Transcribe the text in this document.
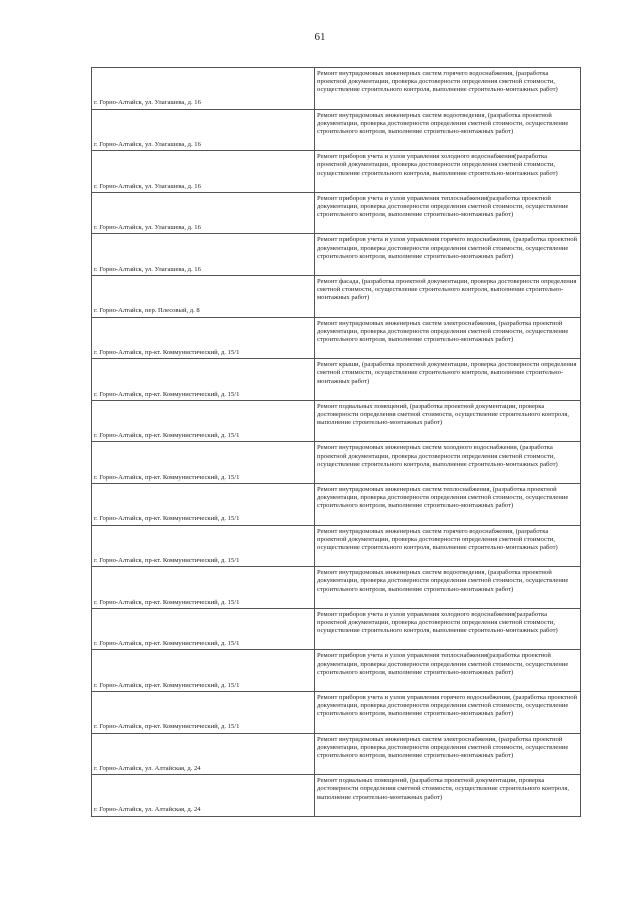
61
г. Горно-Алтайск, ул. Улагашева, д. 16	Ремонт внутридомовых инженерных систем горячего водоснабжения, (разработка проектной документации, проверка достоверности определения сметной стоимости, осуществление строительного контроля, выполнение строительно-монтажных работ)
г. Горно-Алтайск, ул. Улагашева, д. 16	Ремонт внутридомовых инженерных систем водоотведения, (разработка проектной документации, проверка достоверности определения сметной стоимости, осуществление строительного контроля, выполнение строительно-монтажных работ)
г. Горно-Алтайск, ул. Улагашева, д. 16	Ремонт приборов учета и узлов управления холодного водоснабжения(разработка проектной документации, проверка достоверности определения сметной стоимости, осуществление строительного контроля, выполнение строительно-монтажных работ)
г. Горно-Алтайск, ул. Улагашева, д. 16	Ремонт приборов учета и узлов управления теплоснабжения(разработка проектной документации, проверка достоверности определения сметной стоимости, осуществление строительного контроля, выполнение строительно-монтажных работ)
г. Горно-Алтайск, ул. Улагашева, д. 16	Ремонт приборов учета и узлов управления горячего водоснабжения, (разработка проектной документации, проверка достоверности определения сметной стоимости, осуществление строительного контроля, выполнение строительно-монтажных работ)
г. Горно-Алтайск, пер. Плесовый, д. 8	Ремонт фасада, (разработка проектной документации, проверка достоверности определения сметной стоимости, осуществление строительного контроля, выполнение строительно-монтажных работ)
г. Горно-Алтайск, пр-кт. Коммунистический, д. 15/1	Ремонт внутридомовых инженерных систем электроснабжения, (разработка проектной документации, проверка достоверности определения сметной стоимости, осуществление строительного контроля, выполнение строительно-монтажных работ)
г. Горно-Алтайск, пр-кт. Коммунистический, д. 15/1	Ремонт крыши, (разработка проектной документации, проверка достоверности определения сметной стоимости, осуществление строительного контроля, выполнение строительно-монтажных работ)
г. Горно-Алтайск, пр-кт. Коммунистический, д. 15/1	Ремонт подвальных помещений, (разработка проектной документации, проверка достоверности определения сметной стоимости, осуществление строительного контроля, выполнение строительно-монтажных работ)
г. Горно-Алтайск, пр-кт. Коммунистический, д. 15/1	Ремонт внутридомовых инженерных систем холодного водоснабжения, (разработка проектной документации, проверка достоверности определения сметной стоимости, осуществление строительного контроля, выполнение строительно-монтажных работ)
г. Горно-Алтайск, пр-кт. Коммунистический, д. 15/1	Ремонт внутридомовых инженерных систем теплоснабжения, (разработка проектной документации, проверка достоверности определения сметной стоимости, осуществление строительного контроля, выполнение строительно-монтажных работ)
г. Горно-Алтайск, пр-кт. Коммунистический, д. 15/1	Ремонт внутридомовых инженерных систем горячего водоснабжения, (разработка проектной документации, проверка достоверности определения сметной стоимости, осуществление строительного контроля, выполнение строительно-монтажных работ)
г. Горно-Алтайск, пр-кт. Коммунистический, д. 15/1	Ремонт внутридомовых инженерных систем водоотведения, (разработка проектной документации, проверка достоверности определения сметной стоимости, осуществление строительного контроля, выполнение строительно-монтажных работ)
г. Горно-Алтайск, пр-кт. Коммунистический, д. 15/1	Ремонт приборов учета и узлов управления холодного водоснабжения(разработка проектной документации, проверка достоверности определения сметной стоимости, осуществление строительного контроля, выполнение строительно-монтажных работ)
г. Горно-Алтайск, пр-кт. Коммунистический, д. 15/1	Ремонт приборов учета и узлов управления теплоснабжения(разработка проектной документации, проверка достоверности определения сметной стоимости, осуществление строительного контроля, выполнение строительно-монтажных работ)
г. Горно-Алтайск, пр-кт. Коммунистический, д. 15/1	Ремонт приборов учета и узлов управления горячего водоснабжения, (разработка проектной документации, проверка достоверности определения сметной стоимости, осуществление строительного контроля, выполнение строительно-монтажных работ)
г. Горно-Алтайск, ул. Алтайская, д. 24	Ремонт внутридомовых инженерных систем электроснабжения, (разработка проектной документации, проверка достоверности определения сметной стоимости, осуществление строительного контроля, выполнение строительно-монтажных работ)
г. Горно-Алтайск, ул. Алтайская, д. 24	Ремонт подвальных помещений, (разработка проектной документации, проверка достоверности определения сметной стоимости, осуществление строительного контроля, выполнение строительно-монтажных работ)
